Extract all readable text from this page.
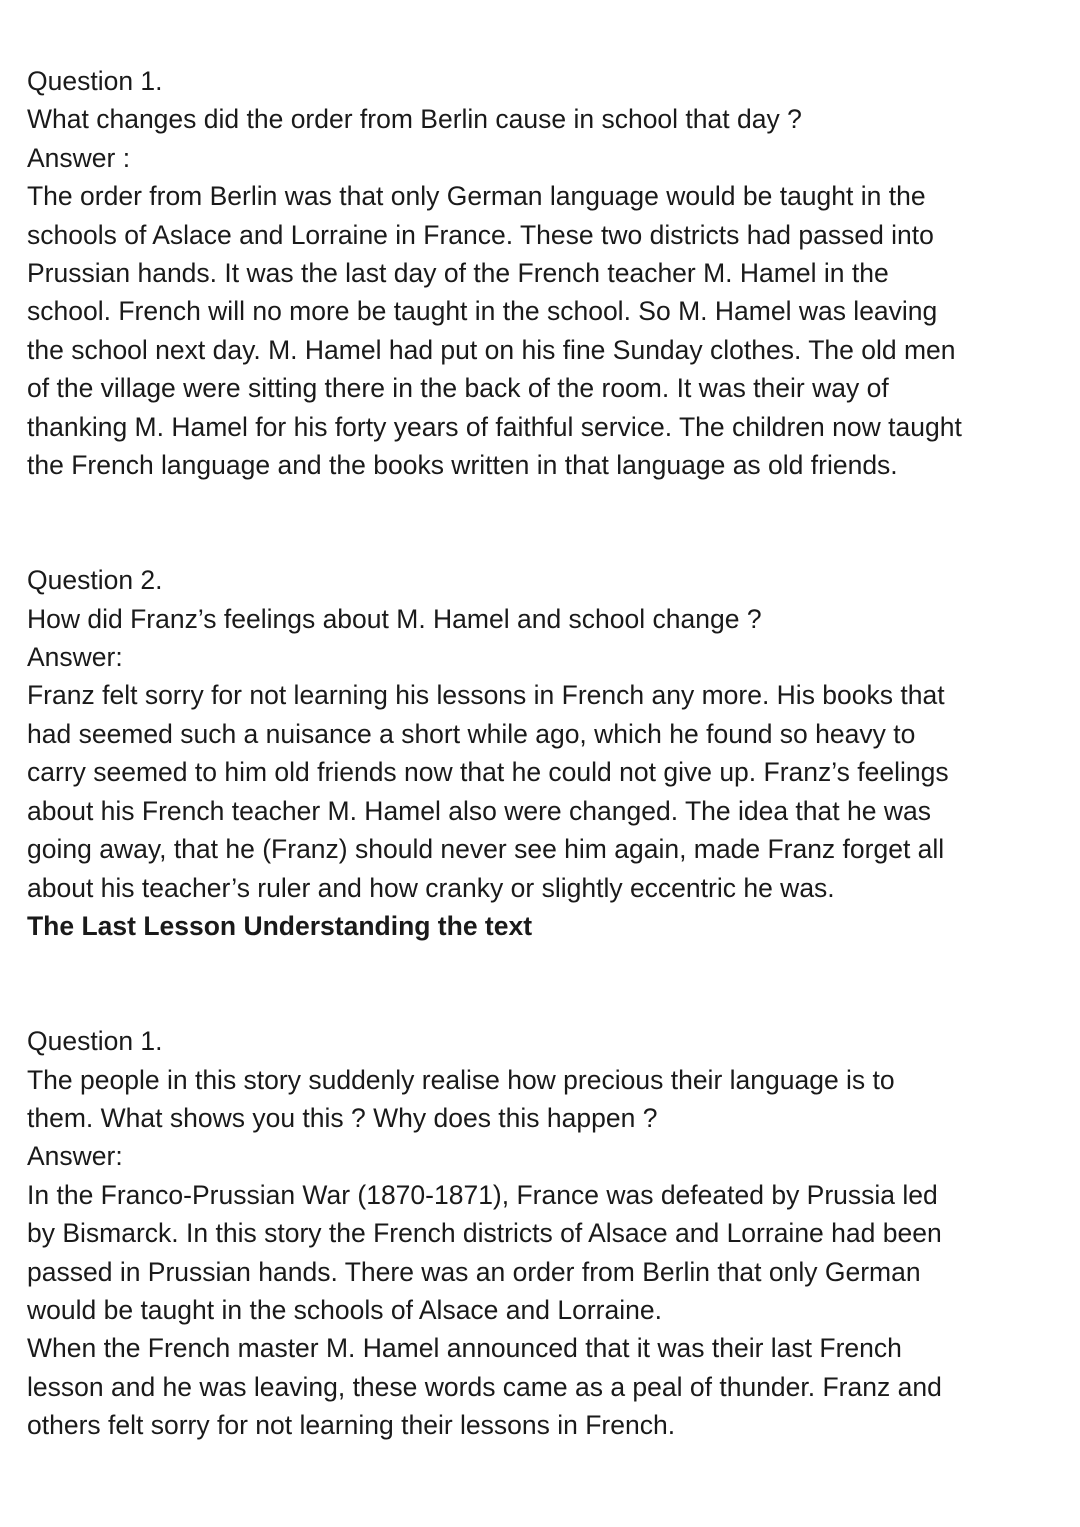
Question 1.
What changes did the order from Berlin cause in school that day ?
Answer :
The order from Berlin was that only German language would be taught in the
schools of Aslace and Lorraine in France. These two districts had passed into
Prussian hands. It was the last day of the French teacher M. Hamel in the
school. French will no more be taught in the school. So M. Hamel was leaving
the school next day. M. Hamel had put on his fine Sunday clothes. The old men
of the village were sitting there in the back of the room. It was their way of
thanking M. Hamel for his forty years of faithful service. The children now taught
the French language and the books written in that language as old friends.
Question 2.
How did Franz’s feelings about M. Hamel and school change ?
Answer:
Franz felt sorry for not learning his lessons in French any more. His books that
had seemed such a nuisance a short while ago, which he found so heavy to
carry seemed to him old friends now that he could not give up. Franz’s feelings
about his French teacher M. Hamel also were changed. The idea that he was
going away, that he (Franz) should never see him again, made Franz forget all
about his teacher’s ruler and how cranky or slightly eccentric he was.
The Last Lesson Understanding the text
Question 1.
The people in this story suddenly realise how precious their language is to
them. What shows you this ? Why does this happen ?
Answer:
In the Franco-Prussian War (1870-1871), France was defeated by Prussia led
by Bismarck. In this story the French districts of Alsace and Lorraine had been
passed in Prussian hands. There was an order from Berlin that only German
would be taught in the schools of Alsace and Lorraine.
When the French master M. Hamel announced that it was their last French
lesson and he was leaving, these words came as a peal of thunder. Franz and
others felt sorry for not learning their lessons in French.
